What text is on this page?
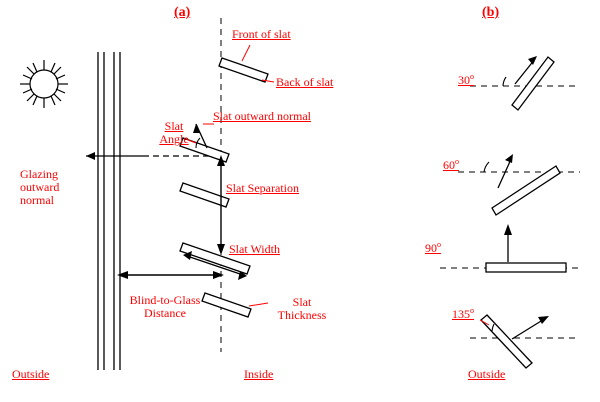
(a)	(b)
Front of slat
Back of slat
Slat outward normal
Slat
Angle
Slat Separation
Slat Width
Slat
Thickness
Blind-to-Glass
Distance
Glazing
outward
normal
Outside	Inside
30$^o$
60$^o$
90$^o$
135$^o$
Outside
